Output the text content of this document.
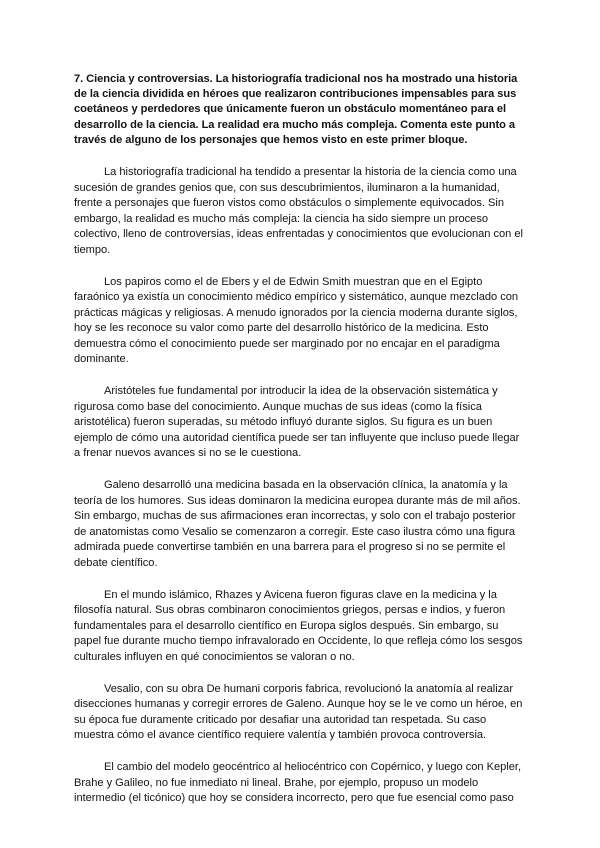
7. Ciencia y controversias. La historiografía tradicional nos ha mostrado una historia de la ciencia dividida en héroes que realizaron contribuciones impensables para sus coetáneos y perdedores que únicamente fueron un obstáculo momentáneo para el desarrollo de la ciencia. La realidad era mucho más compleja. Comenta este punto a través de alguno de los personajes que hemos visto en este primer bloque.

La historiografía tradicional ha tendido a presentar la historia de la ciencia como una sucesión de grandes genios que, con sus descubrimientos, iluminaron a la humanidad, frente a personajes que fueron vistos como obstáculos o simplemente equivocados. Sin embargo, la realidad es mucho más compleja: la ciencia ha sido siempre un proceso colectivo, lleno de controversias, ideas enfrentadas y conocimientos que evolucionan con el tiempo.

Los papiros como el de Ebers y el de Edwin Smith muestran que en el Egipto faraónico ya existía un conocimiento médico empírico y sistemático, aunque mezclado con prácticas mágicas y religiosas. A menudo ignorados por la ciencia moderna durante siglos, hoy se les reconoce su valor como parte del desarrollo histórico de la medicina. Esto demuestra cómo el conocimiento puede ser marginado por no encajar en el paradigma dominante.

Aristóteles fue fundamental por introducir la idea de la observación sistemática y rigurosa como base del conocimiento. Aunque muchas de sus ideas (como la física aristotélica) fueron superadas, su método influyó durante siglos. Su figura es un buen ejemplo de cómo una autoridad científica puede ser tan influyente que incluso puede llegar a frenar nuevos avances si no se le cuestiona.

Galeno desarrolló una medicina basada en la observación clínica, la anatomía y la teoría de los humores. Sus ideas dominaron la medicina europea durante más de mil años. Sin embargo, muchas de sus afirmaciones eran incorrectas, y solo con el trabajo posterior de anatomistas como Vesalio se comenzaron a corregir. Este caso ilustra cómo una figura admirada puede convertirse también en una barrera para el progreso si no se permite el debate científico.

En el mundo islámico, Rhazes y Avicena fueron figuras clave en la medicina y la filosofía natural. Sus obras combinaron conocimientos griegos, persas e indios, y fueron fundamentales para el desarrollo científico en Europa siglos después. Sin embargo, su papel fue durante mucho tiempo infravalorado en Occidente, lo que refleja cómo los sesgos culturales influyen en qué conocimientos se valoran o no.

Vesalio, con su obra De humani corporis fabrica, revolucionó la anatomía al realizar disecciones humanas y corregir errores de Galeno. Aunque hoy se le ve como un héroe, en su época fue duramente criticado por desafiar una autoridad tan respetada. Su caso muestra cómo el avance científico requiere valentía y también provoca controversia.

El cambio del modelo geocéntrico al heliocéntrico con Copérnico, y luego con Kepler, Brahe y Galileo, no fue inmediato ni lineal. Brahe, por ejemplo, propuso un modelo intermedio (el ticónico) que hoy se considera incorrecto, pero que fue esencial como paso
